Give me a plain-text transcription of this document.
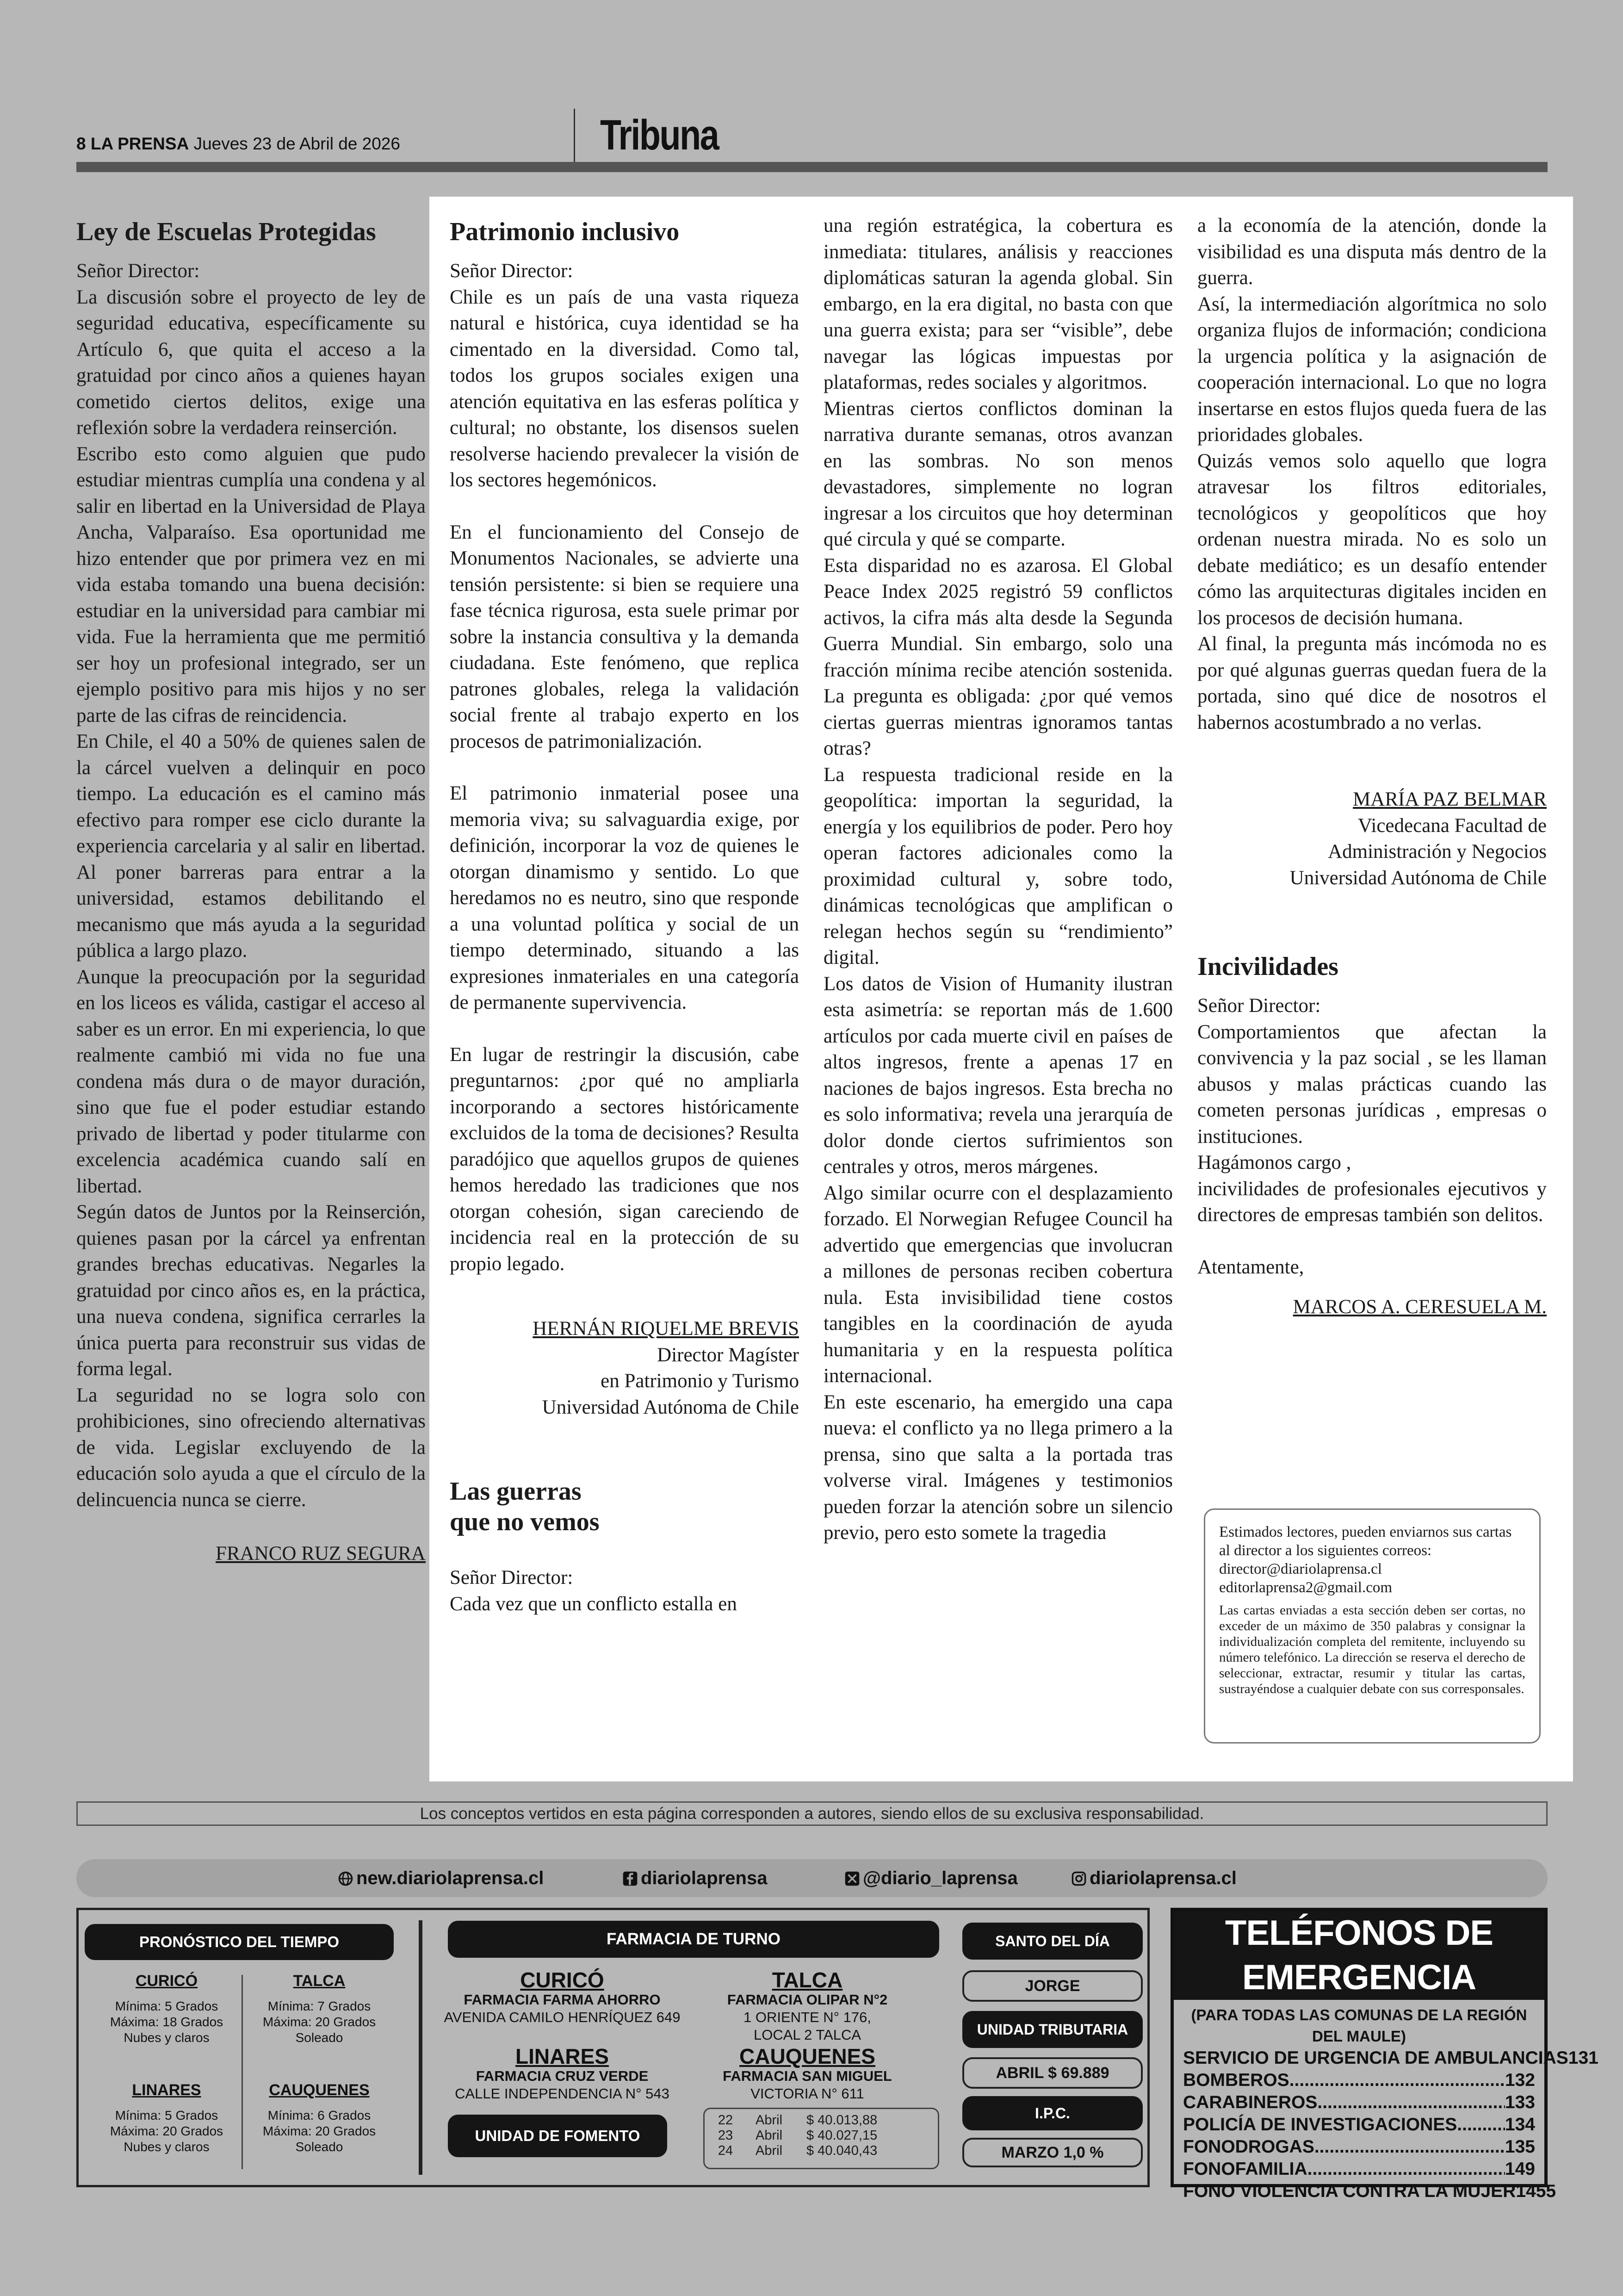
8 LA PRENSA Jueves 23 de Abril de 2026	Tribuna
Ley de Escuelas Protegidas

Señor Director:

La discusión sobre el proyecto de ley de seguridad educativa, específicamente su Artículo 6, que quita el acceso a la gratuidad por cinco años a quienes hayan cometido ciertos delitos, exige una reflexión sobre la verdadera reinserción.

Escribo esto como alguien que pudo estudiar mientras cumplía una condena y al salir en libertad en la Universidad de Playa Ancha, Valparaíso. Esa oportunidad me hizo entender que por primera vez en mi vida estaba tomando una buena decisión: estudiar en la universidad para cambiar mi vida. Fue la herramienta que me permitió ser hoy un profesional integrado, ser un ejemplo positivo para mis hijos y no ser parte de las cifras de reincidencia.

En Chile, el 40 a 50% de quienes salen de la cárcel vuelven a delinquir en poco tiempo. La educación es el camino más efectivo para romper ese ciclo durante la experiencia carcelaria y al salir en libertad. Al poner barreras para entrar a la universidad, estamos debilitando el mecanismo que más ayuda a la seguridad pública a largo plazo.

Aunque la preocupación por la seguridad en los liceos es válida, castigar el acceso al saber es un error. En mi experiencia, lo que realmente cambió mi vida no fue una condena más dura o de mayor duración, sino que fue el poder estudiar estando privado de libertad y poder titularme con excelencia académica cuando salí en libertad.

Según datos de Juntos por la Reinserción, quienes pasan por la cárcel ya enfrentan grandes brechas educativas. Negarles la gratuidad por cinco años es, en la práctica, una nueva condena, significa cerrarles la única puerta para reconstruir sus vidas de forma legal.

La seguridad no se logra solo con prohibiciones, sino ofreciendo alternativas de vida. Legislar excluyendo de la educación solo ayuda a que el círculo de la delincuencia nunca se cierre.

FRANCO RUZ SEGURA

Patrimonio inclusivo

Señor Director:

Chile es un país de una vasta riqueza natural e histórica, cuya identidad se ha cimentado en la diversidad. Como tal, todos los grupos sociales exigen una atención equitativa en las esferas política y cultural; no obstante, los disensos suelen resolverse haciendo prevalecer la visión de los sectores hegemónicos.

En el funcionamiento del Consejo de Monumentos Nacionales, se advierte una tensión persistente: si bien se requiere una fase técnica rigurosa, esta suele primar por sobre la instancia consultiva y la demanda ciudadana. Este fenómeno, que replica patrones globales, relega la validación social frente al trabajo experto en los procesos de patrimonialización.

El patrimonio inmaterial posee una memoria viva; su salvaguardia exige, por definición, incorporar la voz de quienes le otorgan dinamismo y sentido. Lo que heredamos no es neutro, sino que responde a una voluntad política y social de un tiempo determinado, situando a las expresiones inmateriales en una categoría de permanente supervivencia.

En lugar de restringir la discusión, cabe preguntarnos: ¿por qué no ampliarla incorporando a sectores históricamente excluidos de la toma de decisiones? Resulta paradójico que aquellos grupos de quienes hemos heredado las tradiciones que nos otorgan cohesión, sigan careciendo de incidencia real en la protección de su propio legado.

HERNÁN RIQUELME BREVIS
Director Magíster
en Patrimonio y Turismo
Universidad Autónoma de Chile
Las guerras
que no vemos

Señor Director:

Cada vez que un conflicto estalla en

una región estratégica, la cobertura es inmediata: titulares, análisis y reacciones diplomáticas saturan la agenda global. Sin embargo, en la era digital, no basta con que una guerra exista; para ser “visible”, debe navegar las lógicas impuestas por plataformas, redes sociales y algoritmos.

Mientras ciertos conflictos dominan la narrativa durante semanas, otros avanzan en las sombras. No son menos devastadores, simplemente no logran ingresar a los circuitos que hoy determinan qué circula y qué se comparte.

Esta disparidad no es azarosa. El Global Peace Index 2025 registró 59 conflictos activos, la cifra más alta desde la Segunda Guerra Mundial. Sin embargo, solo una fracción mínima recibe atención sostenida. La pregunta es obligada: ¿por qué vemos ciertas guerras mientras ignoramos tantas otras?

La respuesta tradicional reside en la geopolítica: importan la seguridad, la energía y los equilibrios de poder. Pero hoy operan factores adicionales como la proximidad cultural y, sobre todo, dinámicas tecnológicas que amplifican o relegan hechos según su “rendimiento” digital.

Los datos de Vision of Humanity ilustran esta asimetría: se reportan más de 1.600 artículos por cada muerte civil en países de altos ingresos, frente a apenas 17 en naciones de bajos ingresos. Esta brecha no es solo informativa; revela una jerarquía de dolor donde ciertos sufrimientos son centrales y otros, meros márgenes.

Algo similar ocurre con el desplazamiento forzado. El Norwegian Refugee Council ha advertido que emergencias que involucran a millones de personas reciben cobertura nula. Esta invisibilidad tiene costos tangibles en la coordinación de ayuda humanitaria y en la respuesta política internacional.

En este escenario, ha emergido una capa nueva: el conflicto ya no llega primero a la prensa, sino que salta a la portada tras volverse viral. Imágenes y testimonios pueden forzar la atención sobre un silencio previo, pero esto somete la tragedia

a la economía de la atención, donde la visibilidad es una disputa más dentro de la guerra.

Así, la intermediación algorítmica no solo organiza flujos de información; condiciona la urgencia política y la asignación de cooperación internacional. Lo que no logra insertarse en estos flujos queda fuera de las prioridades globales.

Quizás vemos solo aquello que logra atravesar los filtros editoriales, tecnológicos y geopolíticos que hoy ordenan nuestra mirada. No es solo un debate mediático; es un desafío entender cómo las arquitecturas digitales inciden en los procesos de decisión humana.

Al final, la pregunta más incómoda no es por qué algunas guerras quedan fuera de la portada, sino qué dice de nosotros el habernos acostumbrado a no verlas.

MARÍA PAZ BELMAR
Vicedecana Facultad de
Administración y Negocios
Universidad Autónoma de Chile
Incivilidades

Señor Director:

Comportamientos que afectan la convivencia y la paz social , se les llaman abusos y malas prácticas cuando las cometen personas jurídicas , empresas o instituciones.

Hagámonos cargo ,

incivilidades de profesionales ejecutivos y directores de empresas también son delitos.

Atentamente,

MARCOS A. CERESUELA M.

Estimados lectores, pueden enviarnos sus cartas al director a los siguientes correos:
director@diariolaprensa.cl
editorlaprensa2@gmail.com
Las cartas enviadas a esta sección deben ser cortas, no exceder de un máximo de 350 palabras y consignar la individualización completa del remitente, incluyendo su número telefónico. La dirección se reserva el derecho de seleccionar, extractar, resumir y titular las cartas, sustrayéndose a cualquier debate con sus corresponsales.
Los conceptos vertidos en esta página corresponden a autores, siendo ellos de su exclusiva responsabilidad.
new.diariolaprensa.cl	diariolaprensa	@diario_laprensa	diariolaprensa.cl
PRONÓSTICO DEL TIEMPO
CURICÓ
Mínima: 5 Grados
Máxima: 18 Grados
Nubes y claros
TALCA
Mínima: 7 Grados
Máxima: 20 Grados
Soleado
LINARES
Mínima: 5 Grados
Máxima: 20 Grados
Nubes y claros
CAUQUENES
Mínima: 6 Grados
Máxima: 20 Grados
Soleado
FARMACIA DE TURNO
CURICÓ
FARMACIA FARMA AHORRO
AVENIDA CAMILO HENRÍQUEZ 649
TALCA
FARMACIA OLIPAR N°2
1 ORIENTE N° 176,
LOCAL 2 TALCA
LINARES
FARMACIA CRUZ VERDE
CALLE INDEPENDENCIA N° 543
CAUQUENES
FARMACIA SAN MIGUEL
VICTORIA N° 611
UNIDAD DE FOMENTO
22	Abril	$ 40.013,88
23	Abril	$ 40.027,15
24	Abril	$ 40.040,43
SANTO DEL DÍA
JORGE
UNIDAD TRIBUTARIA
ABRIL $ 69.889
I.P.C.
MARZO 1,0 %
TELÉFONOS DE EMERGENCIA
(PARA TODAS LAS COMUNAS DE LA REGIÓN DEL MAULE)
SERVICIO DE URGENCIA DE AMBULANCIAS 131
BOMBEROS .....	132
CARABINEROS .....	133
POLICÍA DE INVESTIGACIONES .....	134
FONODROGAS .....	135
FONOFAMILIA .....	149
FONO VIOLENCIA CONTRA LA MUJER 1455
